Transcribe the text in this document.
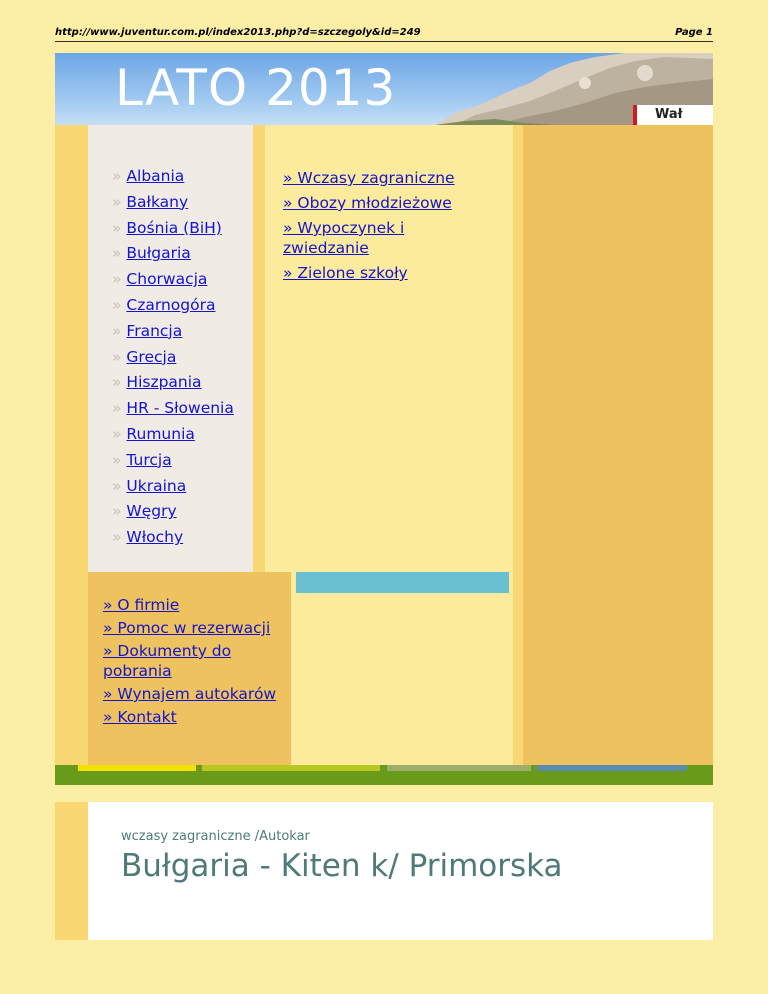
http://www.juventur.com.pl/index2013.php?d=szczegoly&id=249	Page 1
LATO 2013	Wał
» Albania
» Bałkany
» Bośnia (BiH)
» Bułgaria
» Chorwacja
» Czarnogóra
» Francja
» Grecja
» Hiszpania
» HR - Słowenia
» Rumunia
» Turcja
» Ukraina
» Węgry
» Włochy
» Wczasy zagraniczne
» Obozy młodzieżowe
» Wypoczynek i zwiedzanie
» Zielone szkoły
» O firmie
» Pomoc w rezerwacji
» Dokumenty do pobrania
» Wynajem autokarów
» Kontakt
wczasy zagraniczne /Autokar
Bułgaria - Kiten k/ Primorska
